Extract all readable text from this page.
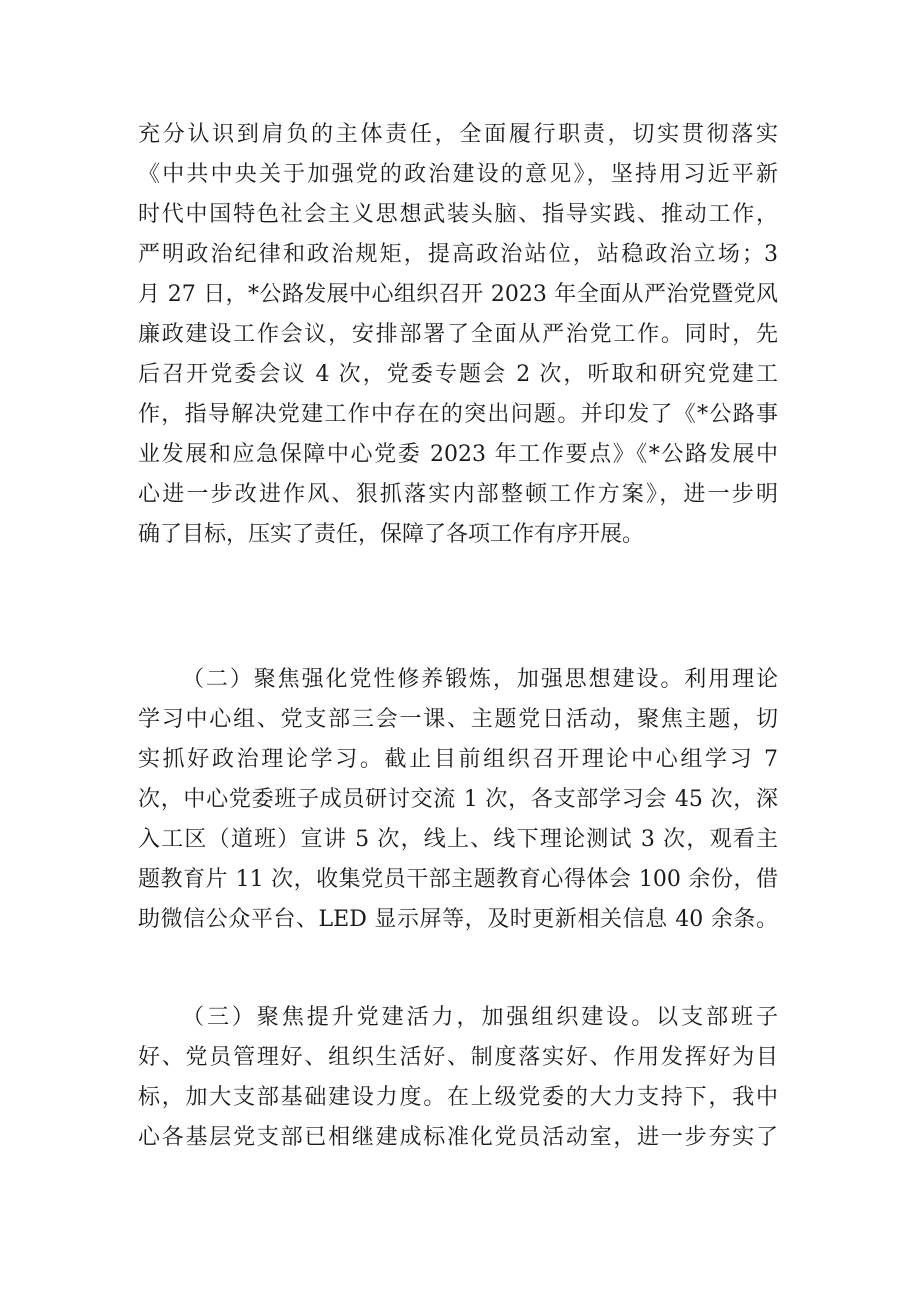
充分认识到肩负的主体责任，全面履行职责，切实贯彻落实
《中共中央关于加强党的政治建设的意见》，坚持用习近平新
时代中国特色社会主义思想武装头脑、指导实践、推动工作，
严明政治纪律和政治规矩，提高政治站位，站稳政治立场；3
月 27 日，*公路发展中心组织召开 2023 年全面从严治党暨党风
廉政建设工作会议，安排部署了全面从严治党工作。同时，先
后召开党委会议 4 次，党委专题会 2 次，听取和研究党建工
作，指导解决党建工作中存在的突出问题。并印发了《*公路事
业发展和应急保障中心党委 2023 年工作要点》《*公路发展中
心进一步改进作风、狠抓落实内部整顿工作方案》，进一步明
确了目标，压实了责任，保障了各项工作有序开展。
（二）聚焦强化党性修养锻炼，加强思想建设。利用理论
学习中心组、党支部三会一课、主题党日活动，聚焦主题，切
实抓好政治理论学习。截止目前组织召开理论中心组学习 7
次，中心党委班子成员研讨交流 1 次，各支部学习会 45 次，深
入工区（道班）宣讲 5 次，线上、线下理论测试 3 次，观看主
题教育片 11 次，收集党员干部主题教育心得体会 100 余份，借
助微信公众平台、LED 显示屏等，及时更新相关信息 40 余条。
（三）聚焦提升党建活力，加强组织建设。以支部班子
好、党员管理好、组织生活好、制度落实好、作用发挥好为目
标，加大支部基础建设力度。在上级党委的大力支持下，我中
心各基层党支部已相继建成标准化党员活动室，进一步夯实了
